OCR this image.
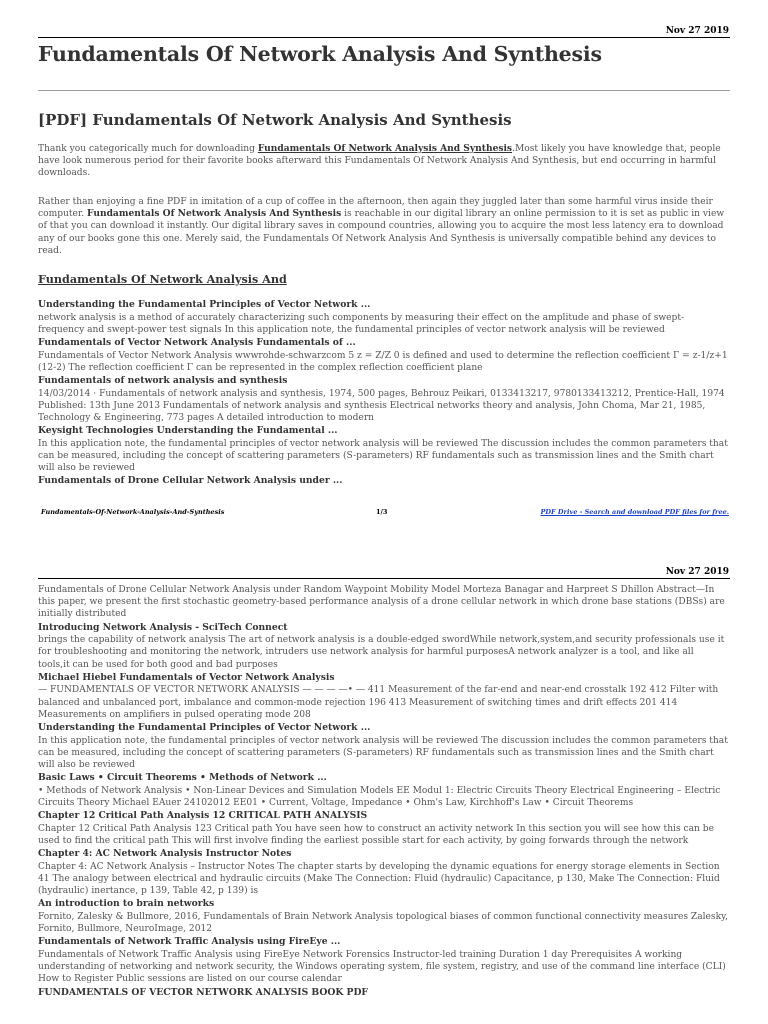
Nov 27 2019
Fundamentals Of Network Analysis And Synthesis
[PDF] Fundamentals Of Network Analysis And Synthesis

Thank you categorically much for downloading Fundamentals Of Network Analysis And Synthesis.Most likely you have knowledge that, people have look numerous period for their favorite books afterward this Fundamentals Of Network Analysis And Synthesis, but end occurring in harmful downloads.

Rather than enjoying a fine PDF in imitation of a cup of coffee in the afternoon, then again they juggled later than some harmful virus inside their computer. Fundamentals Of Network Analysis And Synthesis is reachable in our digital library an online permission to it is set as public in view of that you can download it instantly. Our digital library saves in compound countries, allowing you to acquire the most less latency era to download any of our books gone this one. Merely said, the Fundamentals Of Network Analysis And Synthesis is universally compatible behind any devices to read.

Fundamentals Of Network Analysis And

Understanding the Fundamental Principles of Vector Network ...

network analysis is a method of accurately characterizing such components by measuring their effect on the amplitude and phase of swept-frequency and swept-power test signals In this application note, the fundamental principles of vector network analysis will be reviewed

Fundamentals of Vector Network Analysis Fundamentals of ...

Fundamentals of Vector Network Analysis wwwrohde-schwarzcom 5 z = Z/Z 0 is defined and used to determine the reflection coefficient Γ = z-1/z+1 (12-2) The reflection coefficient Γ can be represented in the complex reflection coefficient plane

Fundamentals of network analysis and synthesis

14/03/2014 · Fundamentals of network analysis and synthesis, 1974, 500 pages, Behrouz Peikari, 0133413217, 9780133413212, Prentice-Hall, 1974 Published: 13th June 2013 Fundamentals of network analysis and synthesis Electrical networks theory and analysis, John Choma, Mar 21, 1985, Technology & Engineering, 773 pages A detailed introduction to modern

Keysight Technologies Understanding the Fundamental ...

In this application note, the fundamental principles of vector network analysis will be reviewed The discussion includes the common parameters that can be measured, including the concept of scattering parameters (S-parameters) RF fundamentals such as transmission lines and the Smith chart will also be reviewed

Fundamentals of Drone Cellular Network Analysis under ...

Fundamentals-Of-Network-Analysis-And-Synthesis	1/3	PDF Drive - Search and download PDF files for free.
Nov 27 2019

Fundamentals of Drone Cellular Network Analysis under Random Waypoint Mobility Model Morteza Banagar and Harpreet S Dhillon Abstract—In this paper, we present the first stochastic geometry-based performance analysis of a drone cellular network in which drone base stations (DBSs) are initially distributed

Introducing Network Analysis - SciTech Connect

brings the capability of network analysis The art of network analysis is a double-edged swordWhile network,system,and security professionals use it for troubleshooting and monitoring the network, intruders use network analysis for harmful purposesA network analyzer is a tool, and like all tools,it can be used for both good and bad purposes

Michael Hiebel Fundamentals of Vector Network Analysis

— FUNDAMENTALS OF VECTOR NETWORK ANALYSIS — — — —• — 411 Measurement of the far-end and near-end crosstalk 192 412 Filter with balanced and unbalanced port, imbalance and common-mode rejection 196 413 Measurement of switching times and drift effects 201 414 Measurements on amplifiers in pulsed operating mode 208

Understanding the Fundamental Principles of Vector Network ...

In this application note, the fundamental principles of vector network analysis will be reviewed The discussion includes the common parameters that can be measured, including the concept of scattering parameters (S-parameters) RF fundamentals such as transmission lines and the Smith chart will also be reviewed

Basic Laws • Circuit Theorems • Methods of Network ...

• Methods of Network Analysis • Non-Linear Devices and Simulation Models EE Modul 1: Electric Circuits Theory Electrical Engineering – Electric Circuits Theory Michael EAuer 24102012 EE01 • Current, Voltage, Impedance • Ohm's Law, Kirchhoff's Law • Circuit Theorems

Chapter 12 Critical Path Analysis 12 CRITICAL PATH ANALYSIS

Chapter 12 Critical Path Analysis 123 Critical path You have seen how to construct an activity network In this section you will see how this can be used to find the critical path This will first involve finding the earliest possible start for each activity, by going forwards through the network

Chapter 4: AC Network Analysis Instructor Notes

Chapter 4: AC Network Analysis – Instructor Notes The chapter starts by developing the dynamic equations for energy storage elements in Section 41 The analogy between electrical and hydraulic circuits (Make The Connection: Fluid (hydraulic) Capacitance, p 130, Make The Connection: Fluid (hydraulic) inertance, p 139, Table 42, p 139) is

An introduction to brain networks

Fornito, Zalesky & Bullmore, 2016, Fundamentals of Brain Network Analysis topological biases of common functional connectivity measures Zalesky, Fornito, Bullmore, NeuroImage, 2012

Fundamentals of Network Traffic Analysis using FireEye ...

Fundamentals of Network Traffic Analysis using FireEye Network Forensics Instructor-led training Duration 1 day Prerequisites A working understanding of networking and network security, the Windows operating system, file system, registry, and use of the command line interface (CLI) How to Register Public sessions are listed on our course calendar

FUNDAMENTALS OF VECTOR NETWORK ANALYSIS BOOK PDF
